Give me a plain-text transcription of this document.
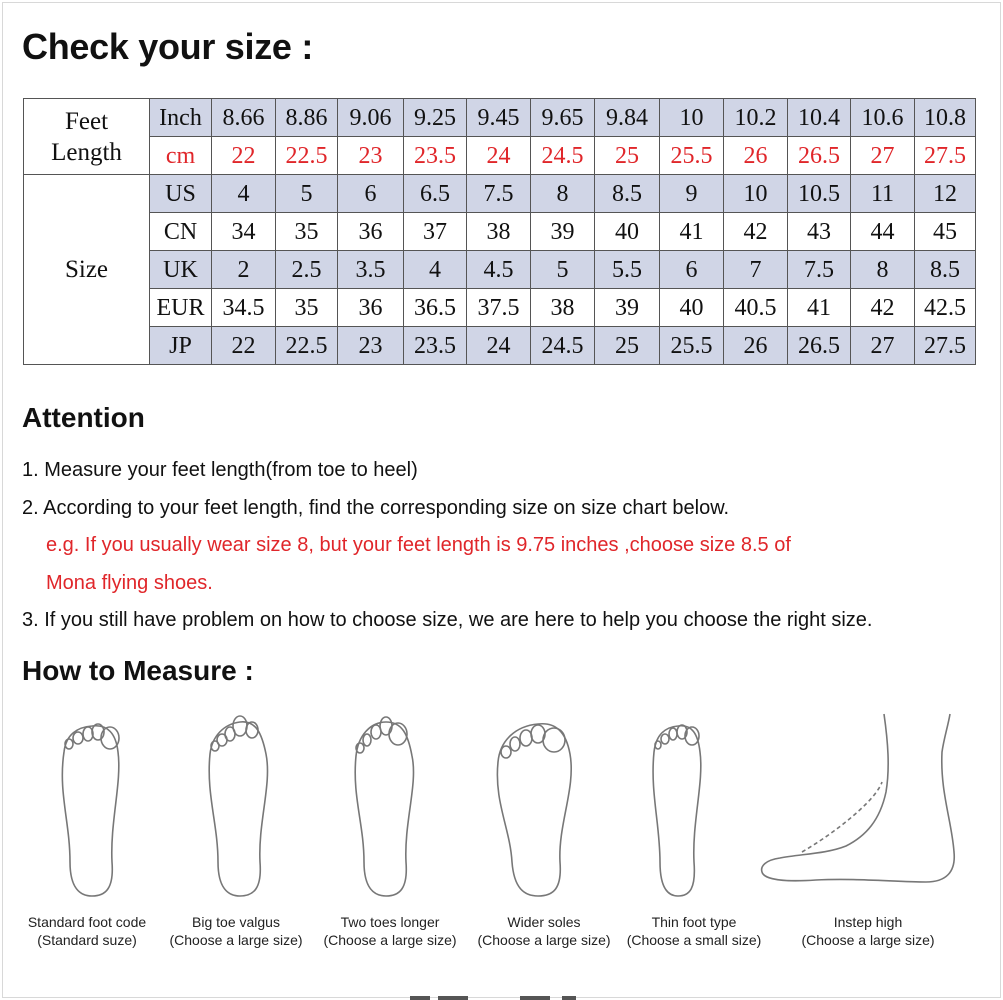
Check your size :
Feet
Length	Inch	8.66	8.86	9.06	9.25	9.45	9.65	9.84	10	10.2	10.4	10.6	10.8
	cm	22	22.5	23	23.5	24	24.5	25	25.5	26	26.5	27	27.5
Size	US	4	5	6	6.5	7.5	8	8.5	9	10	10.5	11	12
	CN	34	35	36	37	38	39	40	41	42	43	44	45
	UK	2	2.5	3.5	4	4.5	5	5.5	6	7	7.5	8	8.5
	EUR	34.5	35	36	36.5	37.5	38	39	40	40.5	41	42	42.5
	JP	22	22.5	23	23.5	24	24.5	25	25.5	26	26.5	27	27.5
Attention
1. Measure your feet length(from toe to heel)
2. According to your feet length, find the corresponding size on size chart below.
e.g. If you usually wear size 8, but your feet length is 9.75 inches ,choose size 8.5 of
Mona flying shoes.
3. If you still have problem on how to choose size, we are here to help you choose the right size.
How to Measure :
Standard foot code
(Standard suze)
Big toe valgus
(Choose a large size)
Two toes longer
(Choose a large size)
Wider soles
(Choose a large size)
Thin foot type
(Choose a small size)
Instep high
(Choose a large size)
